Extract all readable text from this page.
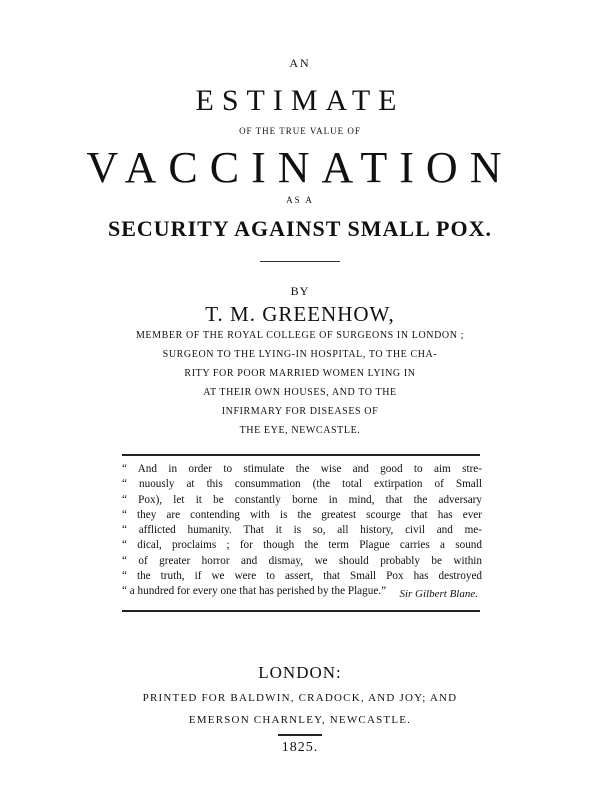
AN
ESTIMATE
OF THE TRUE VALUE OF
VACCINATION
AS A
SECURITY AGAINST SMALL POX.
BY
T. M. GREENHOW,
MEMBER OF THE ROYAL COLLEGE OF SURGEONS IN LONDON ;
SURGEON TO THE LYING-IN HOSPITAL, TO THE CHA-
RITY FOR POOR MARRIED WOMEN LYING IN
AT THEIR OWN HOUSES, AND TO THE
INFIRMARY FOR DISEASES OF
THE EYE, NEWCASTLE.
“ And in order to stimulate the wise and good to aim stre-
“ nuously at this consummation (the total extirpation of Small
“ Pox), let it be constantly borne in mind, that the adversary
“ they are contending with is the greatest scourge that has ever
“ afflicted humanity. That it is so, all history, civil and me-
“ dical, proclaims ; for though the term Plague carries a sound
“ of greater horror and dismay, we should probably be within
“ the truth, if we were to assert, that Small Pox has destroyed
“ a hundred for every one that has perished by the Plague.”	Sir Gilbert Blane.
LONDON:
PRINTED FOR BALDWIN, CRADOCK, AND JOY; AND
EMERSON CHARNLEY, NEWCASTLE.
1825.
